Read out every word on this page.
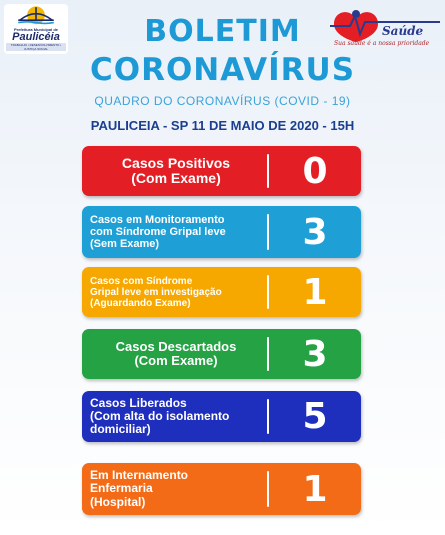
Prefeitura Municipal de
Paulicéia
TRABALHO • DESENVOLVIMENTO • JUSTIÇA SOCIAL
Saúde
Sua saúde é a nossa prioridade
BOLETIM
CORONAVÍRUS
QUADRO DO CORONAVÍRUS (COVID - 19)
PAULICEIA - SP 11 DE MAIO DE 2020 - 15H
Casos Positivos
(Com Exame)	0
Casos em Monitoramento
com Síndrome Gripal leve
(Sem Exame)	3
Casos com Síndrome
Gripal leve em investigação
(Aguardando Exame)	1
Casos Descartados
(Com Exame)	3
Casos Liberados
(Com alta do isolamento
domiciliar)	5
Em Internamento
Enfermaria
(Hospital)	1
